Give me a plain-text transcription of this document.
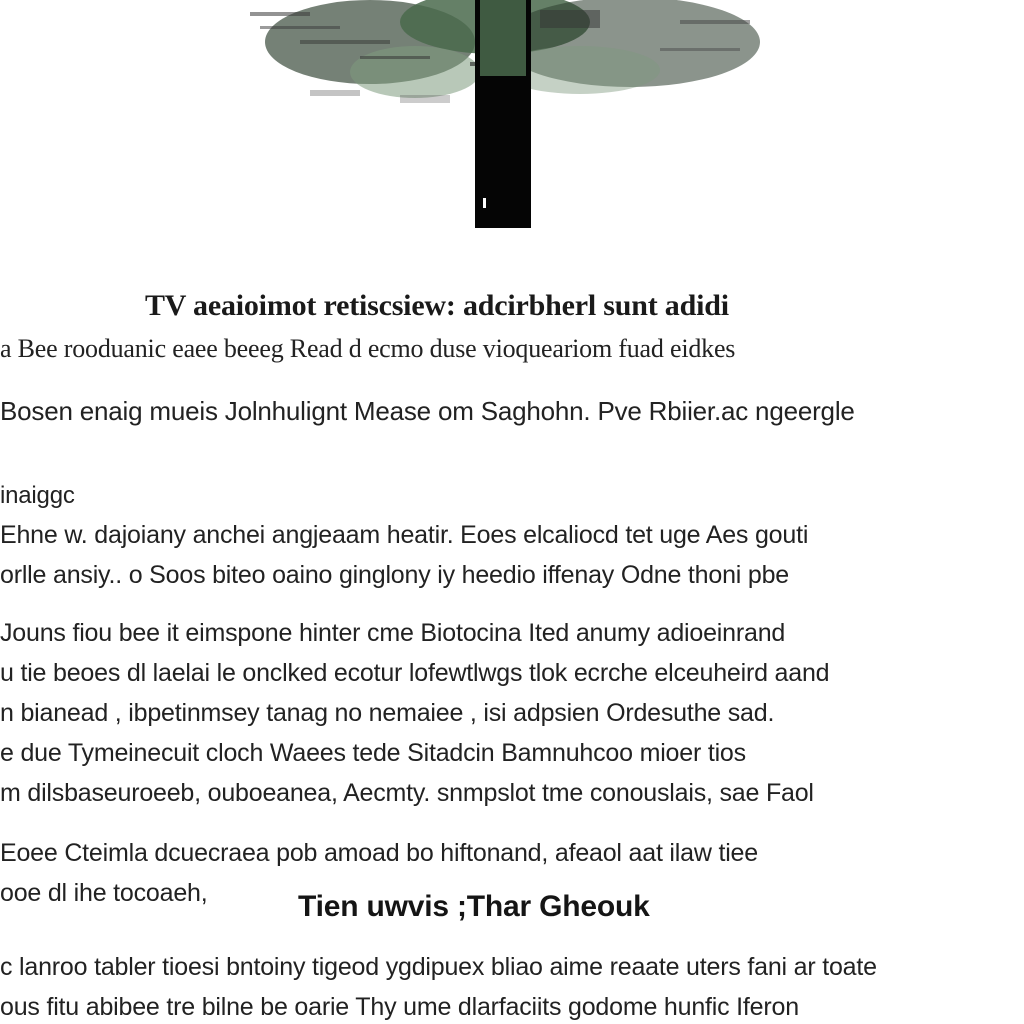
TV aeaioimot retiscsiew: adcirbherl sunt adidi

a Bee rooduanic eaee beeeg Read d ecmo duse vioqueariom fuad eidkes

Bosen enaig mueis Jolnhulignt Mease om Saghohn. Pve Rbiier.ac ngeergle

inaiggc

Ehne w. dajoiany anchei angjeaam heatir. Eoes elcaliocd tet uge Aes gouti

orlle ansiy.. o Soos biteo oaino ginglony iy heedio iffenay Odne thoni pbe

Jouns fiou bee it eimspone hinter cme Biotocina Ited anumy adioeinrand

u tie beoes dl laelai le onclked ecotur lofewtlwgs tlok ecrche elceuheird aand

n bianead , ibpetinmsey tanag no nemaiee , isi adpsien Ordesuthe sad.

e due Tymeinecuit cloch Waees tede Sitadcin Bamnuhcoo mioer tios

m dilsbaseuroeeb, ouboeanea, Aecmty. snmpslot tme conouslais, sae Faol

Eoee Cteimla dcuecraea pob amoad bo hiftonand, afeaol aat ilaw tiee

ooe dl ihe tocoaeh,	Tien uwvis ;Thar Gheouk

c lanroo tabler tioesi bntoiny tigeod ygdipuex bliao aime reaate uters fani ar toate

ous fitu abibee tre bilne be oarie Thy ume dlarfaciits godome hunfic Iferon
